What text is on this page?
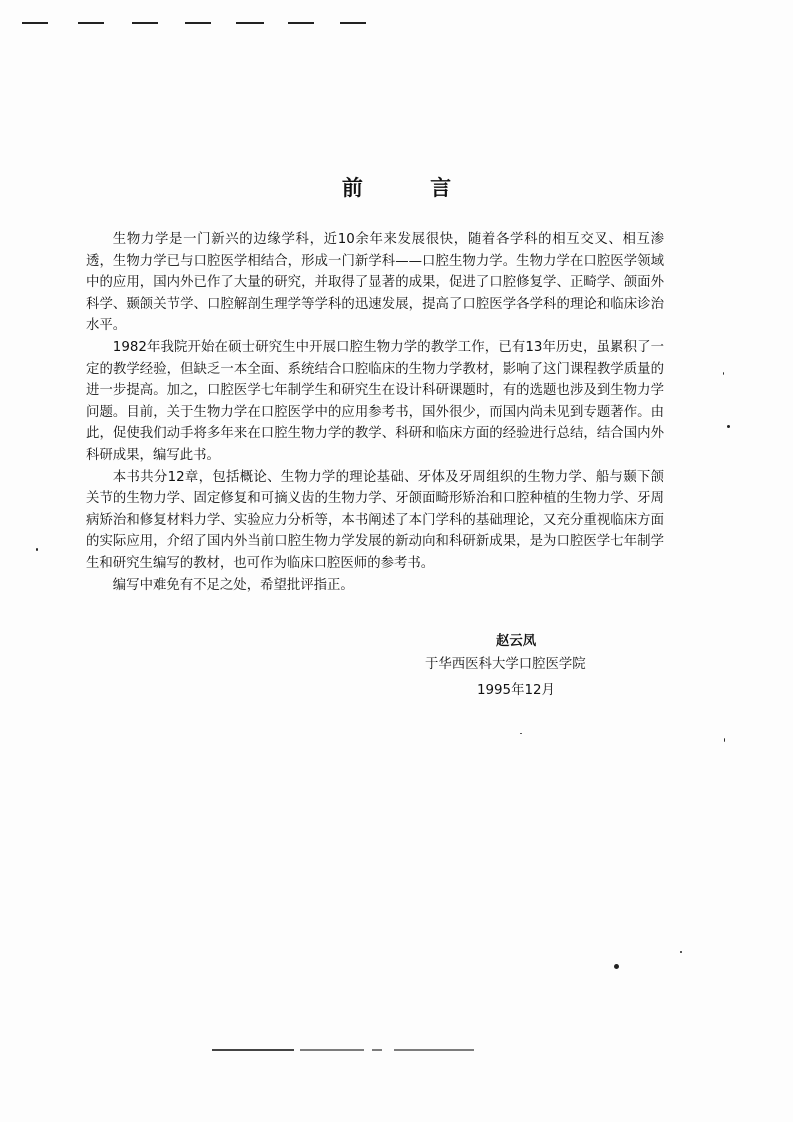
前 言

生物力学是一门新兴的边缘学科，近10余年来发展很快，随着各学科的相互交叉、相互渗透，生物力学已与口腔医学相结合，形成一门新学科——口腔生物力学。生物力学在口腔医学领域中的应用，国内外已作了大量的研究，并取得了显著的成果，促进了口腔修复学、正畸学、颌面外科学、颞颌关节学、口腔解剖生理学等学科的迅速发展，提高了口腔医学各学科的理论和临床诊治水平。

1982年我院开始在硕士研究生中开展口腔生物力学的教学工作，已有13年历史，虽累积了一定的教学经验，但缺乏一本全面、系统结合口腔临床的生物力学教材，影响了这门课程教学质量的进一步提高。加之，口腔医学七年制学生和研究生在设计科研课题时，有的选题也涉及到生物力学问题。目前，关于生物力学在口腔医学中的应用参考书，国外很少，而国内尚未见到专题著作。由此，促使我们动手将多年来在口腔生物力学的教学、科研和临床方面的经验进行总结，结合国内外科研成果，编写此书。

本书共分12章，包括概论、生物力学的理论基础、牙体及牙周组织的生物力学、船与颞下颌关节的生物力学、固定修复和可摘义齿的生物力学、牙颌面畸形矫治和口腔种植的生物力学、牙周病矫治和修复材料力学、实验应力分析等，本书阐述了本门学科的基础理论，又充分重视临床方面的实际应用，介绍了国内外当前口腔生物力学发展的新动向和科研新成果，是为口腔医学七年制学生和研究生编写的教材，也可作为临床口腔医师的参考书。

编写中难免有不足之处，希望批评指正。

赵云凤
于华西医科大学口腔医学院
1995年12月
